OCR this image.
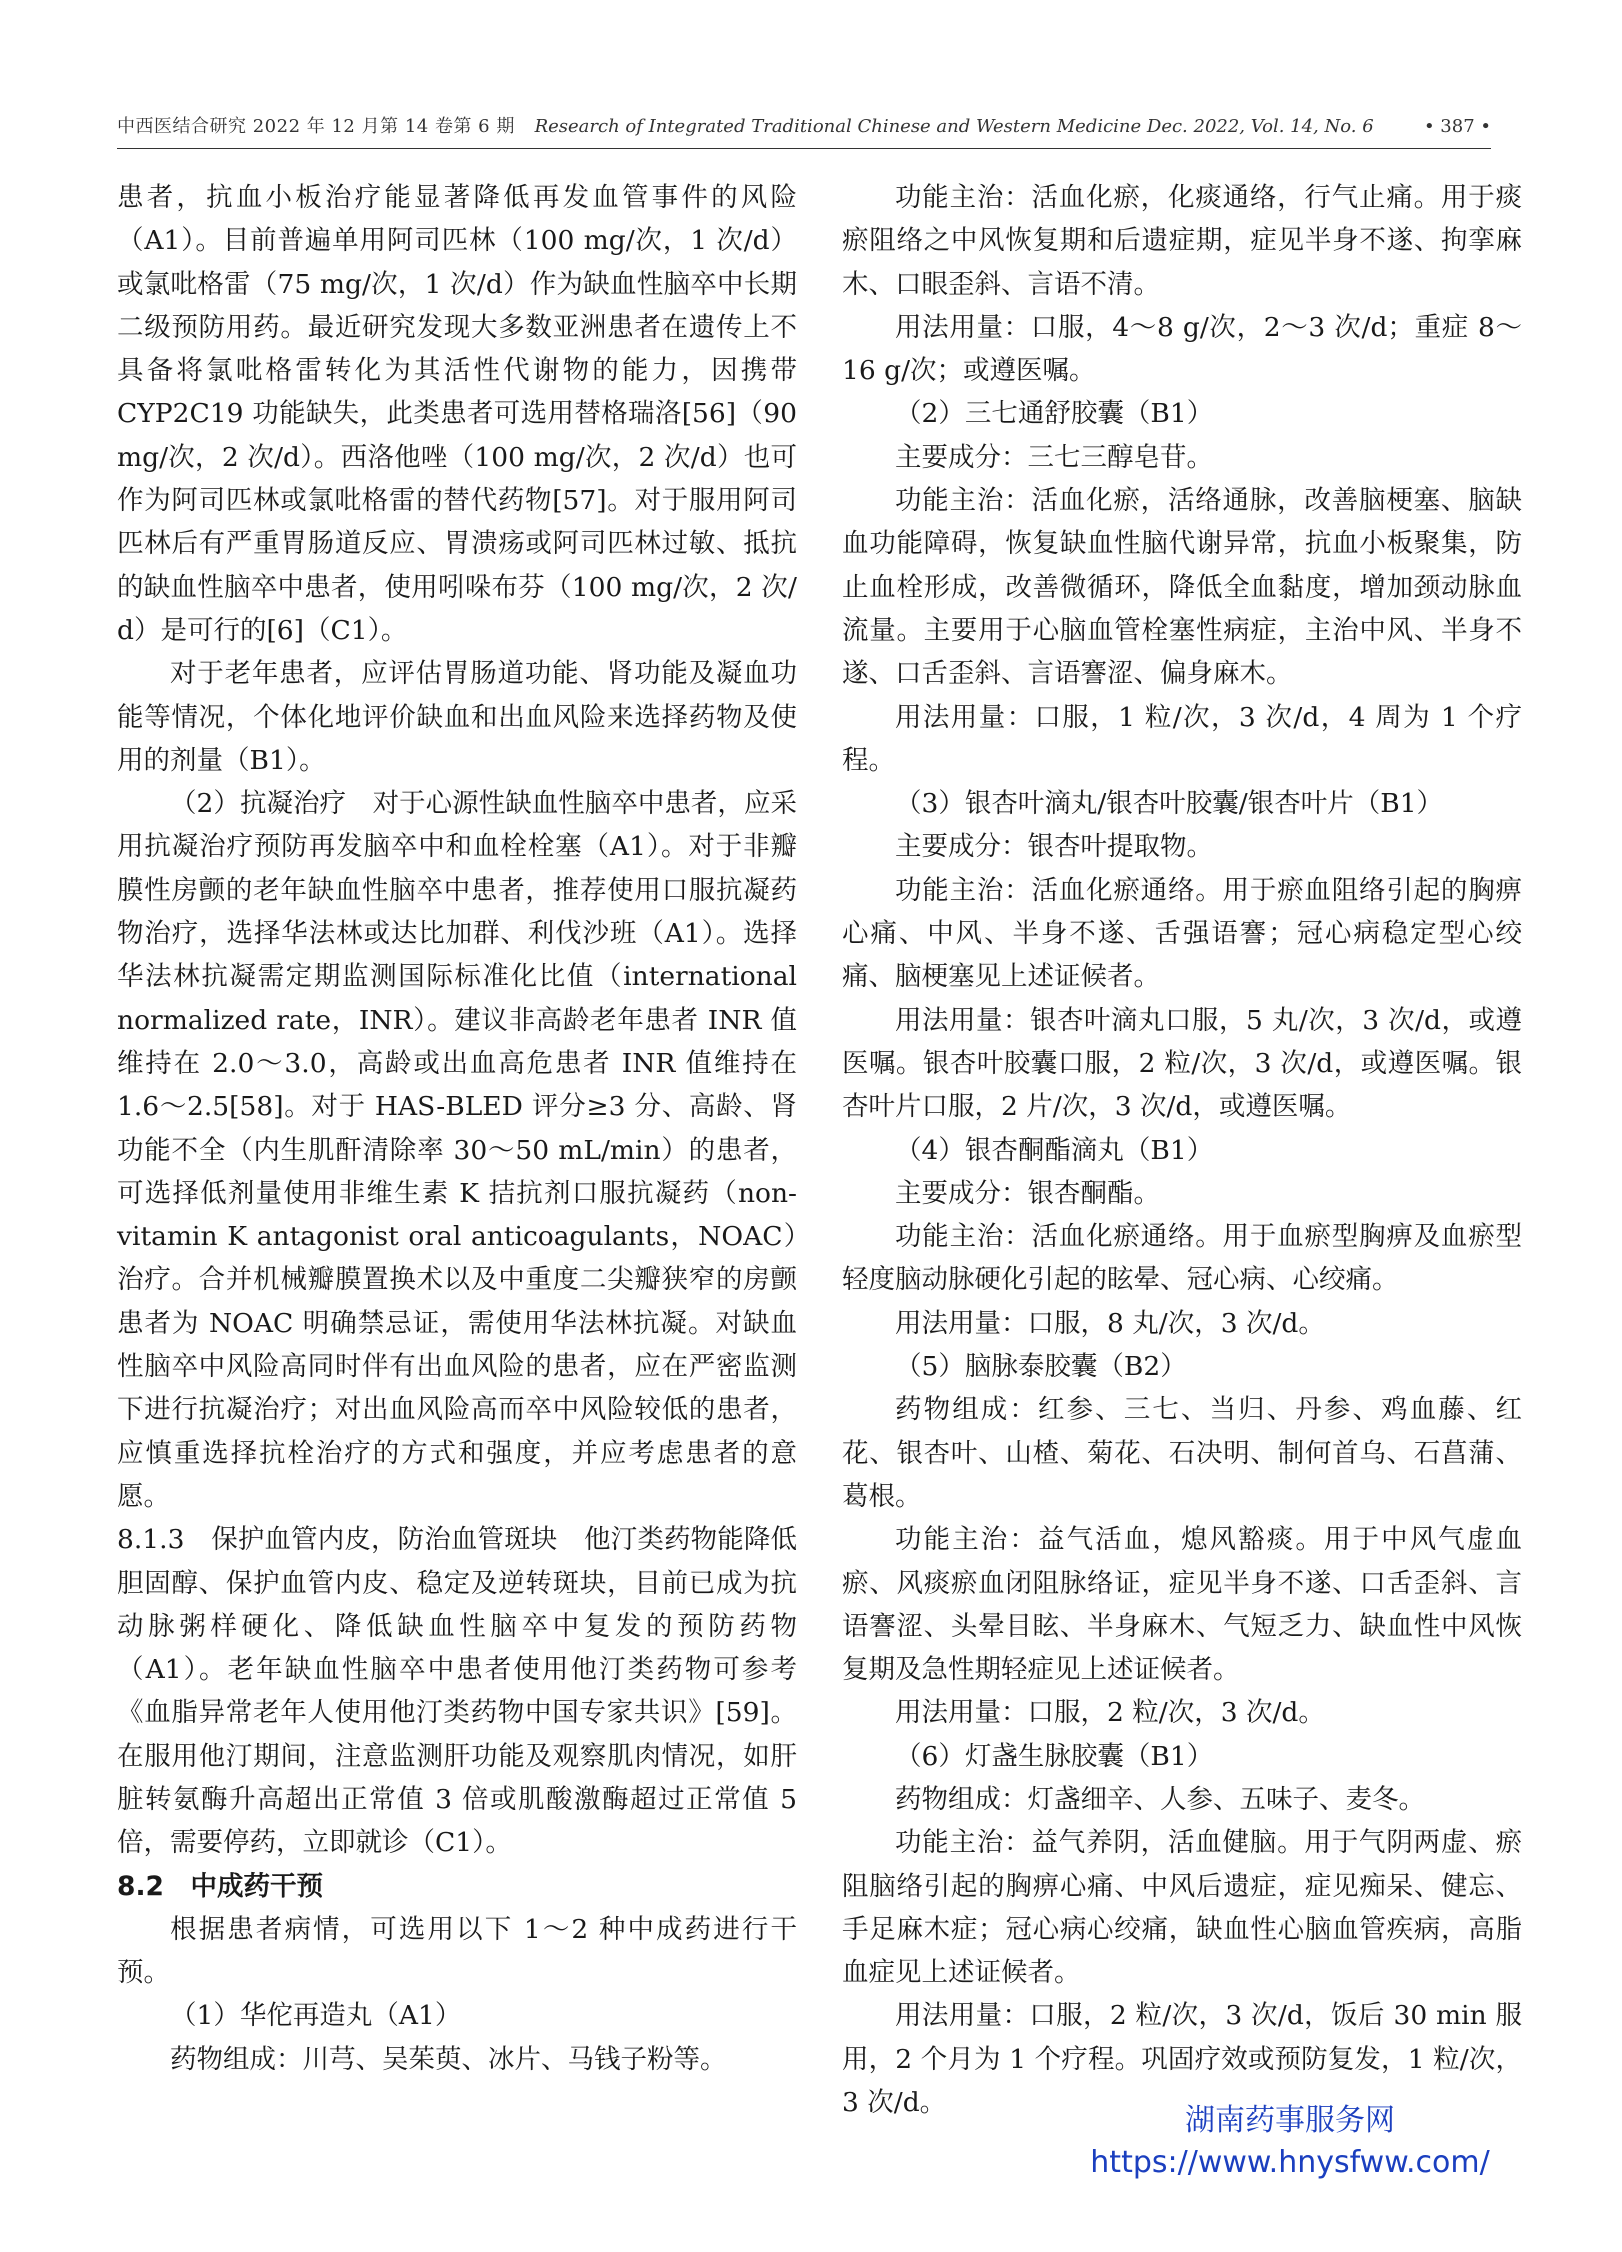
中西医结合研究 2022 年 12 月第 14 卷第 6 期 Research of Integrated Traditional Chinese and Western Medicine Dec. 2022, Vol. 14, No. 6	• 387 •

患者，抗血小板治疗能显著降低再发血管事件的风险（A1）。目前普遍单用阿司匹林（100 mg/次，1 次/d）或氯吡格雷（75 mg/次，1 次/d）作为缺血性脑卒中长期二级预防用药。最近研究发现大多数亚洲患者在遗传上不具备将氯吡格雷转化为其活性代谢物的能力，因携带 CYP2C19 功能缺失，此类患者可选用替格瑞洛[56]（90 mg/次，2 次/d）。西洛他唑（100 mg/次，2 次/d）也可作为阿司匹林或氯吡格雷的替代药物[57]。对于服用阿司匹林后有严重胃肠道反应、胃溃疡或阿司匹林过敏、抵抗的缺血性脑卒中患者，使用吲哚布芬（100 mg/次，2 次/ d）是可行的[6]（C1）。

对于老年患者，应评估胃肠道功能、肾功能及凝血功能等情况，个体化地评价缺血和出血风险来选择药物及使用的剂量（B1）。

（2）抗凝治疗　对于心源性缺血性脑卒中患者，应采用抗凝治疗预防再发脑卒中和血栓栓塞（A1）。对于非瓣膜性房颤的老年缺血性脑卒中患者，推荐使用口服抗凝药物治疗，选择华法林或达比加群、利伐沙班（A1）。选择华法林抗凝需定期监测国际标准化比值（international normalized rate，INR）。建议非高龄老年患者 INR 值维持在 2.0～3.0，高龄或出血高危患者 INR 值维持在 1.6～2.5[58]。对于 HAS-BLED 评分≥3 分、高龄、肾功能不全（内生肌酐清除率 30～50 mL/min）的患者，可选择低剂量使用非维生素 K 拮抗剂口服抗凝药（non-vitamin K antagonist oral anticoagulants，NOAC）治疗。合并机械瓣膜置换术以及中重度二尖瓣狭窄的房颤患者为 NOAC 明确禁忌证，需使用华法林抗凝。对缺血性脑卒中风险高同时伴有出血风险的患者，应在严密监测下进行抗凝治疗；对出血风险高而卒中风险较低的患者，应慎重选择抗栓治疗的方式和强度，并应考虑患者的意愿。

8.1.3　保护血管内皮，防治血管斑块　他汀类药物能降低胆固醇、保护血管内皮、稳定及逆转斑块，目前已成为抗动脉粥样硬化、降低缺血性脑卒中复发的预防药物（A1）。老年缺血性脑卒中患者使用他汀类药物可参考《血脂异常老年人使用他汀类药物中国专家共识》[59]。在服用他汀期间，注意监测肝功能及观察肌肉情况，如肝脏转氨酶升高超出正常值 3 倍或肌酸激酶超过正常值 5 倍，需要停药，立即就诊（C1）。

8.2　中成药干预

根据患者病情，可选用以下 1～2 种中成药进行干预。

（1）华佗再造丸（A1）

药物组成：川芎、吴茱萸、冰片、马钱子粉等。

功能主治：活血化瘀，化痰通络，行气止痛。用于痰瘀阻络之中风恢复期和后遗症期，症见半身不遂、拘挛麻木、口眼歪斜、言语不清。

用法用量：口服，4～8 g/次，2～3 次/d；重症 8～16 g/次；或遵医嘱。

（2）三七通舒胶囊（B1）

主要成分：三七三醇皂苷。

功能主治：活血化瘀，活络通脉，改善脑梗塞、脑缺血功能障碍，恢复缺血性脑代谢异常，抗血小板聚集，防止血栓形成，改善微循环，降低全血黏度，增加颈动脉血流量。主要用于心脑血管栓塞性病症，主治中风、半身不遂、口舌歪斜、言语謇涩、偏身麻木。

用法用量：口服，1 粒/次，3 次/d，4 周为 1 个疗程。

（3）银杏叶滴丸/银杏叶胶囊/银杏叶片（B1）

主要成分：银杏叶提取物。

功能主治：活血化瘀通络。用于瘀血阻络引起的胸痹心痛、中风、半身不遂、舌强语謇；冠心病稳定型心绞痛、脑梗塞见上述证候者。

用法用量：银杏叶滴丸口服，5 丸/次，3 次/d，或遵医嘱。银杏叶胶囊口服，2 粒/次，3 次/d，或遵医嘱。银杏叶片口服，2 片/次，3 次/d，或遵医嘱。

（4）银杏酮酯滴丸（B1）

主要成分：银杏酮酯。

功能主治：活血化瘀通络。用于血瘀型胸痹及血瘀型轻度脑动脉硬化引起的眩晕、冠心病、心绞痛。

用法用量：口服，8 丸/次，3 次/d。

（5）脑脉泰胶囊（B2）

药物组成：红参、三七、当归、丹参、鸡血藤、红花、银杏叶、山楂、菊花、石决明、制何首乌、石菖蒲、葛根。

功能主治：益气活血，熄风豁痰。用于中风气虚血瘀、风痰瘀血闭阻脉络证，症见半身不遂、口舌歪斜、言语謇涩、头晕目眩、半身麻木、气短乏力、缺血性中风恢复期及急性期轻症见上述证候者。

用法用量：口服，2 粒/次，3 次/d。

（6）灯盏生脉胶囊（B1）

药物组成：灯盏细辛、人参、五味子、麦冬。

功能主治：益气养阴，活血健脑。用于气阴两虚、瘀阻脑络引起的胸痹心痛、中风后遗症，症见痴呆、健忘、手足麻木症；冠心病心绞痛，缺血性心脑血管疾病，高脂血症见上述证候者。

用法用量：口服，2 粒/次，3 次/d，饭后 30 min 服用，2 个月为 1 个疗程。巩固疗效或预防复发，1 粒/次，3 次/d。

湖南药事服务网
https://www.hnysfww.com/
